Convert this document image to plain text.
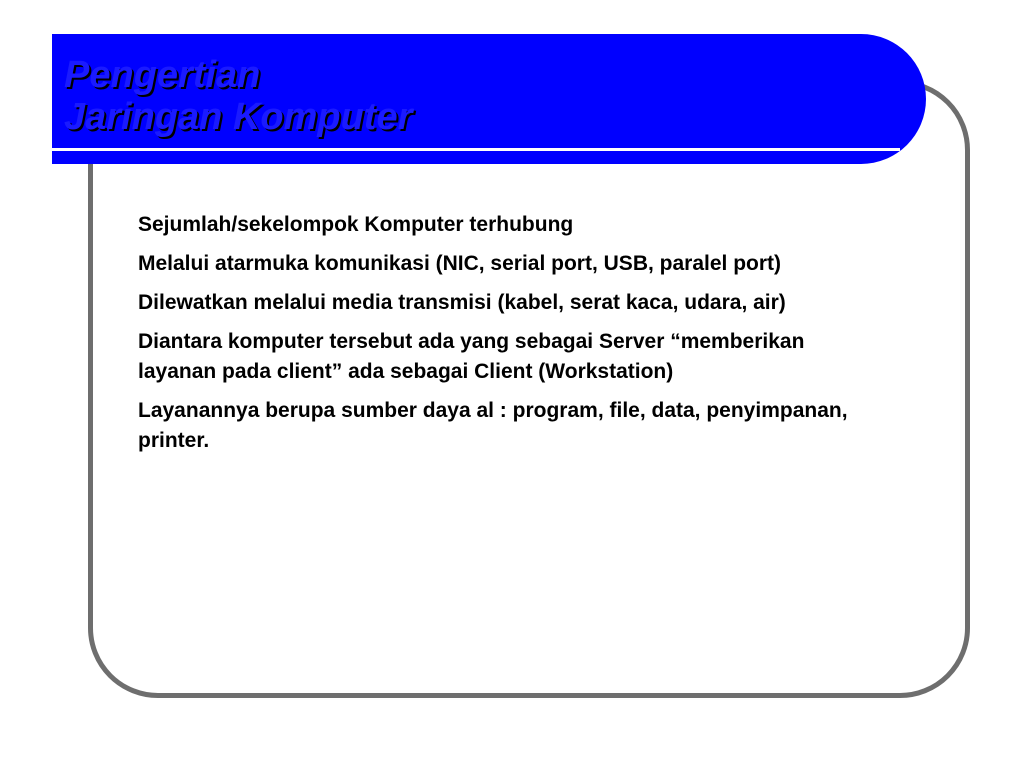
Pengertian
Jaringan Komputer
Sejumlah/sekelompok Komputer terhubung
Melalui atarmuka komunikasi (NIC, serial port, USB, paralel port)
Dilewatkan melalui media transmisi (kabel, serat kaca, udara, air)
Diantara komputer tersebut ada yang sebagai Server “memberikan layanan pada client” ada sebagai Client (Workstation)
Layanannya berupa sumber daya al : program, file, data, penyimpanan, printer.
